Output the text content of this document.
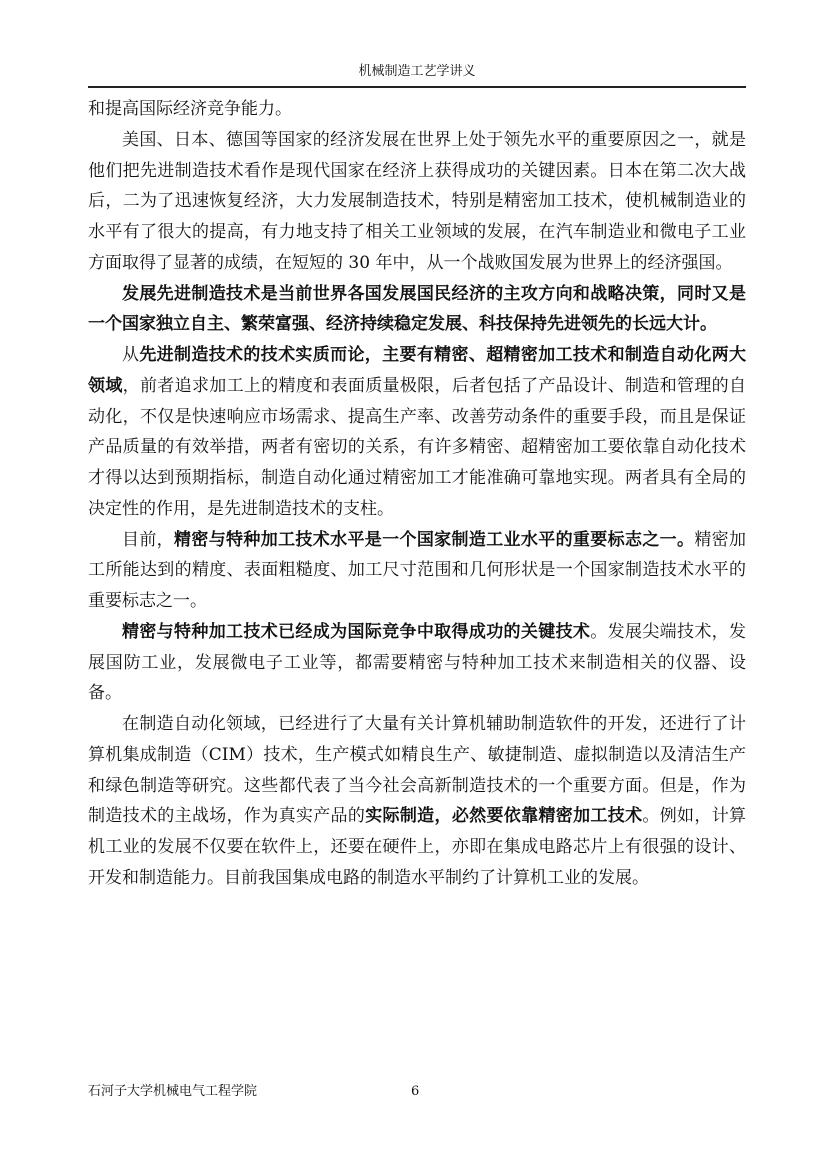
机械制造工艺学讲义

和提高国际经济竞争能力。

美国、日本、德国等国家的经济发展在世界上处于领先水平的重要原因之一，就是他们把先进制造技术看作是现代国家在经济上获得成功的关键因素。日本在第二次大战后，二为了迅速恢复经济，大力发展制造技术，特别是精密加工技术，使机械制造业的水平有了很大的提高，有力地支持了相关工业领域的发展，在汽车制造业和微电子工业方面取得了显著的成绩，在短短的 30 年中，从一个战败国发展为世界上的经济强国。

发展先进制造技术是当前世界各国发展国民经济的主攻方向和战略决策，同时又是一个国家独立自主、繁荣富强、经济持续稳定发展、科技保持先进领先的长远大计。

从先进制造技术的技术实质而论，主要有精密、超精密加工技术和制造自动化两大领域，前者追求加工上的精度和表面质量极限，后者包括了产品设计、制造和管理的自动化，不仅是快速响应市场需求、提高生产率、改善劳动条件的重要手段，而且是保证产品质量的有效举措，两者有密切的关系，有许多精密、超精密加工要依靠自动化技术才得以达到预期指标，制造自动化通过精密加工才能准确可靠地实现。两者具有全局的决定性的作用，是先进制造技术的支柱。

目前，精密与特种加工技术水平是一个国家制造工业水平的重要标志之一。精密加工所能达到的精度、表面粗糙度、加工尺寸范围和几何形状是一个国家制造技术水平的重要标志之一。

精密与特种加工技术已经成为国际竞争中取得成功的关键技术。发展尖端技术，发展国防工业，发展微电子工业等，都需要精密与特种加工技术来制造相关的仪器、设备。

在制造自动化领域，已经进行了大量有关计算机辅助制造软件的开发，还进行了计算机集成制造（CIM）技术，生产模式如精良生产、敏捷制造、虚拟制造以及清洁生产和绿色制造等研究。这些都代表了当今社会高新制造技术的一个重要方面。但是，作为制造技术的主战场，作为真实产品的实际制造，必然要依靠精密加工技术。例如，计算机工业的发展不仅要在软件上，还要在硬件上，亦即在集成电路芯片上有很强的设计、开发和制造能力。目前我国集成电路的制造水平制约了计算机工业的发展。

石河子大学机械电气工程学院	6
